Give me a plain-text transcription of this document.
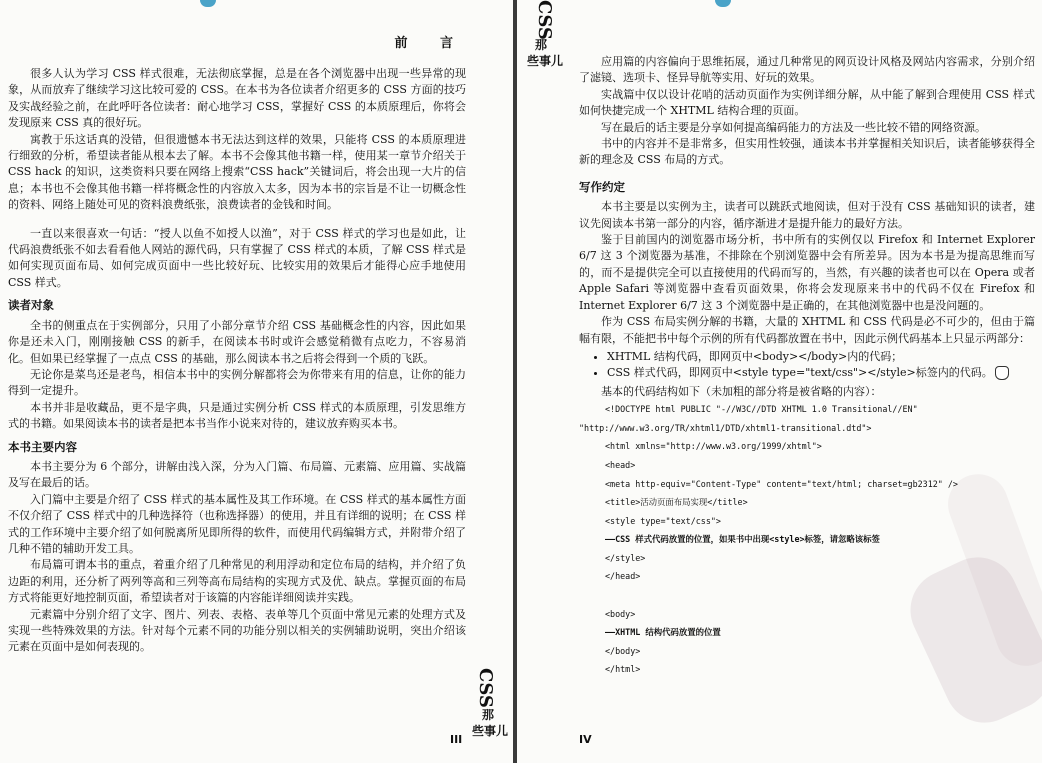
前 言

很多人认为学习 CSS 样式很难，无法彻底掌握，总是在各个浏览器中出现一些异常的现象，从而放弃了继续学习这比较可爱的 CSS。在本书为各位读者介绍更多的 CSS 方面的技巧及实战经验之前，在此呼吁各位读者：耐心地学习 CSS，掌握好 CSS 的本质原理后，你将会发现原来 CSS 真的很好玩。

寓教于乐这话真的没错，但很遗憾本书无法达到这样的效果，只能将 CSS 的本质原理进行细致的分析，希望读者能从根本去了解。本书不会像其他书籍一样，使用某一章节介绍关于 CSS hack 的知识，这类资料只要在网络上搜索“CSS hack”关键词后，将会出现一大片的信息；本书也不会像其他书籍一样将概念性的内容放入太多，因为本书的宗旨是不让一切概念性的资料、网络上随处可见的资料浪费纸张，浪费读者的金钱和时间。

一直以来很喜欢一句话：“授人以鱼不如授人以渔”，对于 CSS 样式的学习也是如此，让代码浪费纸张不如去看看他人网站的源代码，只有掌握了 CSS 样式的本质，了解 CSS 样式是如何实现页面布局、如何完成页面中一些比较好玩、比较实用的效果后才能得心应手地使用 CSS 样式。

读者对象

全书的侧重点在于实例部分，只用了小部分章节介绍 CSS 基础概念性的内容，因此如果你是还未入门，刚刚接触 CSS 的新手，在阅读本书时或许会感觉稍微有点吃力，不容易消化。但如果已经掌握了一点点 CSS 的基础，那么阅读本书之后将会得到一个质的飞跃。

无论你是菜鸟还是老鸟，相信本书中的实例分解都将会为你带来有用的信息，让你的能力得到一定提升。

本书并非是收藏品，更不是字典，只是通过实例分析 CSS 样式的本质原理，引发思维方式的书籍。如果阅读本书的读者是把本书当作小说来对待的，建议放弃购买本书。

本书主要内容

本书主要分为 6 个部分，讲解由浅入深，分为入门篇、布局篇、元素篇、应用篇、实战篇及写在最后的话。

入门篇中主要是介绍了 CSS 样式的基本属性及其工作环境。在 CSS 样式的基本属性方面不仅介绍了 CSS 样式中的几种选择符（也称选择器）的使用，并且有详细的说明；在 CSS 样式的工作环境中主要介绍了如何脱离所见即所得的软件，而使用代码编辑方式，并附带介绍了几种不错的辅助开发工具。

布局篇可谓本书的重点，着重介绍了几种常见的利用浮动和定位布局的结构，并介绍了负边距的利用，还分析了两列等高和三列等高布局结构的实现方式及优、缺点。掌握页面的布局方式将能更好地控制页面，希望读者对于该篇的内容能详细阅读并实践。

元素篇中分别介绍了文字、图片、列表、表格、表单等几个页面中常见元素的处理方式及实现一些特殊效果的方法。针对每个元素不同的功能分别以相关的实例辅助说明，突出介绍该元素在页面中是如何表现的。

III
CSS
那
些事儿
CSS
那
些事儿	应用篇的内容偏向于思维拓展，通过几种常见的网页设计风格及网站内容需求，分别介绍了滤镜、选项卡、怪异导航等实用、好玩的效果。

实战篇中仅以设计花哨的活动页面作为实例详细分解，从中能了解到合理使用 CSS 样式如何快捷完成一个 XHTML 结构合理的页面。

写在最后的话主要是分享如何提高编码能力的方法及一些比较不错的网络资源。

书中的内容并不是非常多，但实用性较强，通读本书并掌握相关知识后，读者能够获得全新的理念及 CSS 布局的方式。

写作约定

本书主要是以实例为主，读者可以跳跃式地阅读，但对于没有 CSS 基础知识的读者，建议先阅读本书第一部分的内容，循序渐进才是提升能力的最好方法。

鉴于目前国内的浏览器市场分析，书中所有的实例仅以 Firefox 和 Internet Explorer 6/7 这 3 个浏览器为基准，不排除在个别浏览器中会有所差异。因为本书是为提高思维而写的，而不是提供完全可以直接使用的代码而写的，当然，有兴趣的读者也可以在 Opera 或者 Apple Safari 等浏览器中查看页面效果，你将会发现原来书中的代码不仅在 Firefox 和 Internet Explorer 6/7 这 3 个浏览器中是正确的，在其他浏览器中也是没问题的。

作为 CSS 布局实例分解的书籍，大量的 XHTML 和 CSS 代码是必不可少的，但由于篇幅有限，不能把书中每个示例的所有代码都放置在书中，因此示例代码基本上只显示两部分：

• XHTML 结构代码，即网页中<body></body>内的代码；
• CSS 样式代码，即网页中<style type="text/css"></style>标签内的代码。

基本的代码结构如下（未加粗的部分将是被省略的内容）：

<!DOCTYPE html PUBLIC "-//W3C//DTD XHTML 1.0 Transitional//EN"
"http://www.w3.org/TR/xhtml1/DTD/xhtml1-transitional.dtd">
<html xmlns="http://www.w3.org/1999/xhtml">
<head>
<meta http-equiv="Content-Type" content="text/html; charset=gb2312" />
<title>活动页面布局实现</title>
<style type="text/css">
——CSS 样式代码放置的位置，如果书中出现<style>标签，请忽略该标签
</style>
</head>

<body>
——XHTML 结构代码放置的位置
</body>
</html>
IV
